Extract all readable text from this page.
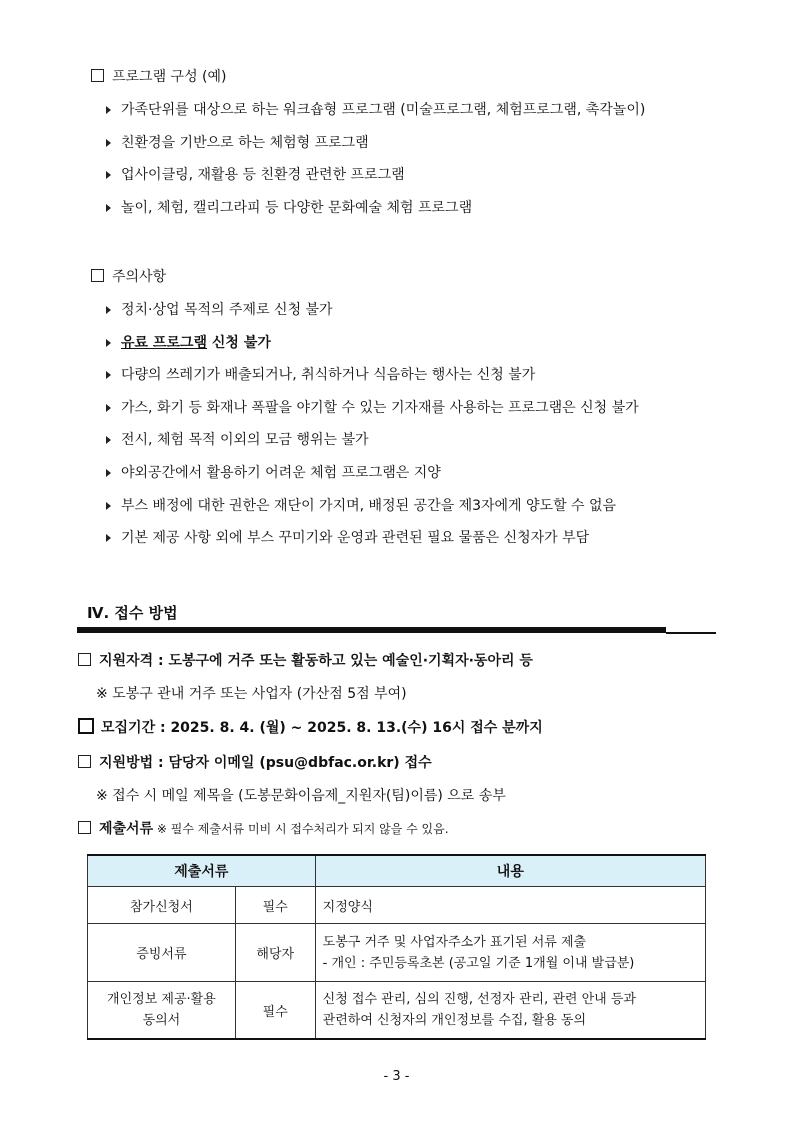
프로그램 구성 (예)
가족단위를 대상으로 하는 워크숍형 프로그램 (미술프로그램, 체험프로그램, 촉각놀이)
친환경을 기반으로 하는 체험형 프로그램
업사이클링, 재활용 등 친환경 관련한 프로그램
놀이, 체험, 캘리그라피 등 다양한 문화예술 체험 프로그램
주의사항
정치·상업 목적의 주제로 신청 불가
유료 프로그램 신청 불가
다량의 쓰레기가 배출되거나, 취식하거나 식음하는 행사는 신청 불가
가스, 화기 등 화재나 폭팔을 야기할 수 있는 기자재를 사용하는 프로그램은 신청 불가
전시, 체험 목적 이외의 모금 행위는 불가
야외공간에서 활용하기 어려운 체험 프로그램은 지양
부스 배정에 대한 권한은 재단이 가지며, 배정된 공간을 제3자에게 양도할 수 없음
기본 제공 사항 외에 부스 꾸미기와 운영과 관련된 필요 물품은 신청자가 부담
Ⅳ. 접수 방법
지원자격 : 도봉구에 거주 또는 활동하고 있는 예술인·기획자·동아리 등
※ 도봉구 관내 거주 또는 사업자 (가산점 5점 부여)
모집기간 : 2025. 8. 4. (월) ~ 2025. 8. 13.(수) 16시 접수 분까지
지원방법 : 담당자 이메일 (psu@dbfac.or.kr) 접수
※ 접수 시 메일 제목을 (도봉문화이음제_지원자(팀)이름) 으로 송부
제출서류 ※ 필수 제출서류 미비 시 접수처리가 되지 않을 수 있음.
제출서류		내용
참가신청서	필수	지정양식
증빙서류	해당자	도봉구 거주 및 사업자주소가 표기된 서류 제출
- 개인 : 주민등록초본 (공고일 기준 1개월 이내 발급분)

개인정보 제공·활용 동의서	필수	신청 접수 관리, 심의 진행, 선정자 관리, 관련 안내 등과
관련하여 신청자의 개인정보를 수집, 활용 동의
- 3 -
